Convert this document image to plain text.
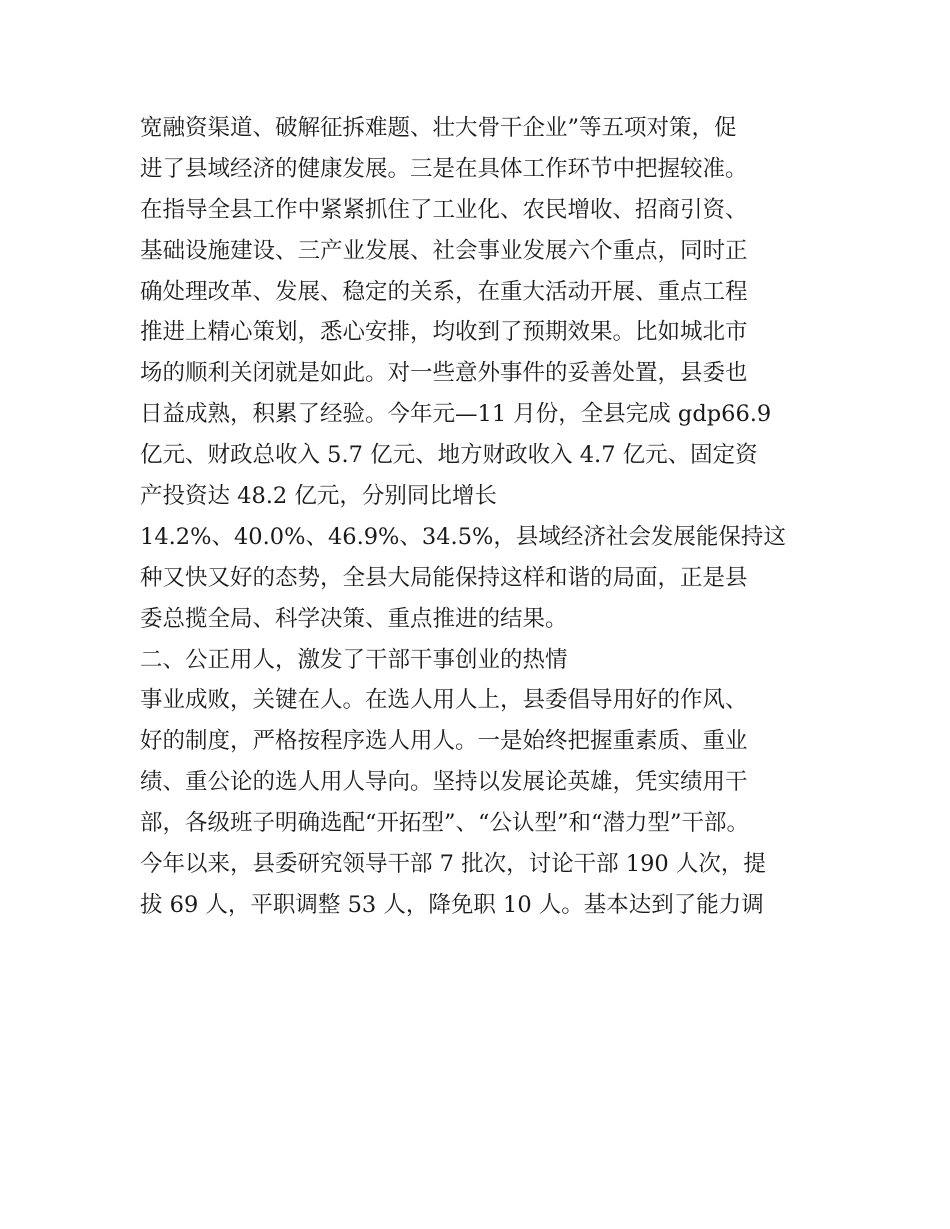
宽融资渠道、破解征拆难题、壮大骨干企业”等五项对策，促
进了县域经济的健康发展。三是在具体工作环节中把握较准。
在指导全县工作中紧紧抓住了工业化、农民增收、招商引资、
基础设施建设、三产业发展、社会事业发展六个重点，同时正
确处理改革、发展、稳定的关系，在重大活动开展、重点工程
推进上精心策划，悉心安排，均收到了预期效果。比如城北市
场的顺利关闭就是如此。对一些意外事件的妥善处置，县委也
日益成熟，积累了经验。今年元—11 月份，全县完成 gdp66.9
亿元、财政总收入 5.7 亿元、地方财政收入 4.7 亿元、固定资
产投资达 48.2 亿元，分别同比增长
14.2%、40.0%、46.9%、34.5%，县域经济社会发展能保持这
种又快又好的态势，全县大局能保持这样和谐的局面，正是县
委总揽全局、科学决策、重点推进的结果。
二、公正用人，激发了干部干事创业的热情
事业成败，关键在人。在选人用人上，县委倡导用好的作风、
好的制度，严格按程序选人用人。一是始终把握重素质、重业
绩、重公论的选人用人导向。坚持以发展论英雄，凭实绩用干
部，各级班子明确选配“开拓型”、“公认型”和“潜力型”干部。
今年以来，县委研究领导干部 7 批次，讨论干部 190 人次，提
拔 69 人，平职调整 53 人，降免职 10 人。基本达到了能力调
